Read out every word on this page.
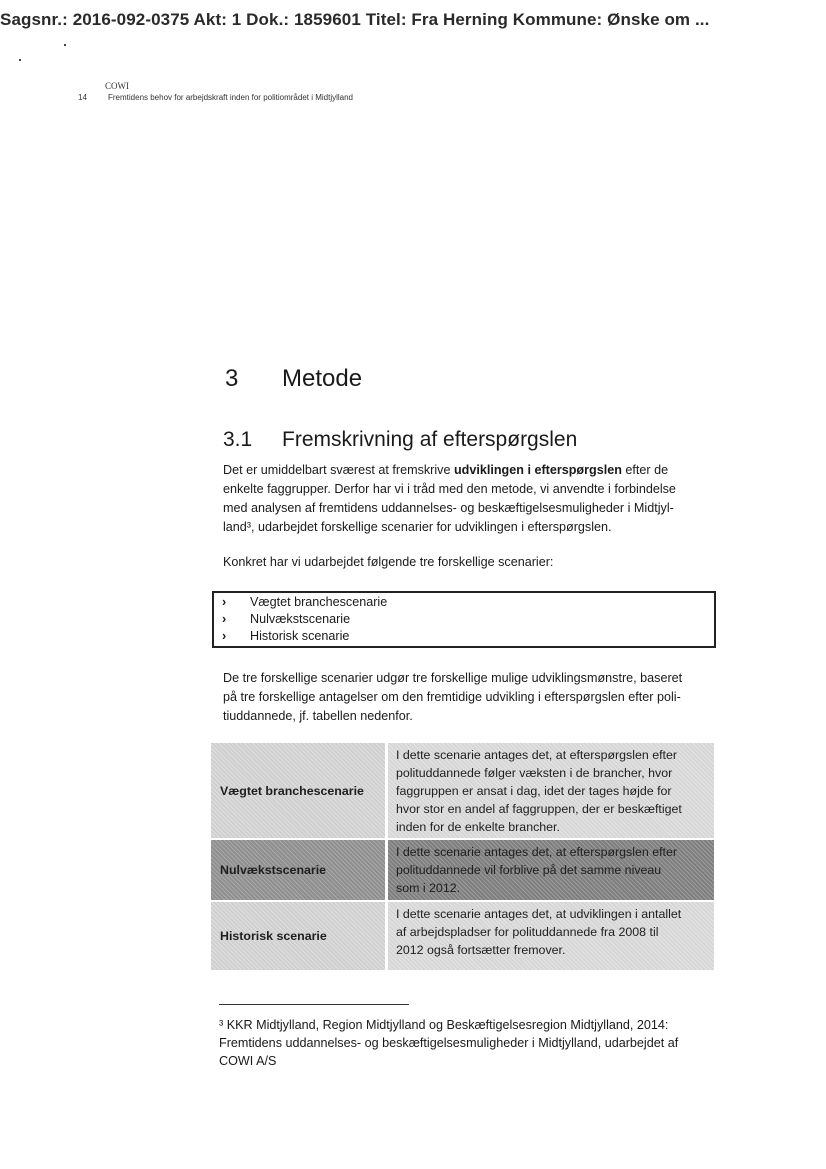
Sagsnr.: 2016-092-0375 Akt: 1 Dok.: 1859601 Titel: Fra Herning Kommune: Ønske om ...
COWI
14	Fremtidens behov for arbejdskraft inden for politiområdet i Midtjylland
3 Metode
3.1 Fremskrivning af efterspørgslen
Det er umiddelbart sværest at fremskrive udviklingen i efterspørgslen efter de
enkelte faggrupper. Derfor har vi i tråd med den metode, vi anvendte i forbindelse
med analysen af fremtidens uddannelses- og beskæftigelsesmuligheder i Midtjyl-
land³, udarbejdet forskellige scenarier for udviklingen i efterspørgslen.
Konkret har vi udarbejdet følgende tre forskellige scenarier:
› Vægtet branchescenarie
› Nulvækstscenarie
› Historisk scenarie
De tre forskellige scenarier udgør tre forskellige mulige udviklingsmønstre, baseret
på tre forskellige antagelser om den fremtidige udvikling i efterspørgslen efter poli-
tiuddannede, jf. tabellen nedenfor.
Vægtet branchescenarie
I dette scenarie antages det, at efterspørgslen efter
polituddannede følger væksten i de brancher, hvor
faggruppen er ansat i dag, idet der tages højde for
hvor stor en andel af faggruppen, der er beskæftiget
inden for de enkelte brancher.
Nulvækstscenarie
I dette scenarie antages det, at efterspørgslen efter
polituddannede vil forblive på det samme niveau
som i 2012.
Historisk scenarie
I dette scenarie antages det, at udviklingen i antallet
af arbejdspladser for polituddannede fra 2008 til
2012 også fortsætter fremover.
³ KKR Midtjylland, Region Midtjylland og Beskæftigelsesregion Midtjylland, 2014:
Fremtidens uddannelses- og beskæftigelsesmuligheder i Midtjylland, udarbejdet af
COWI A/S
